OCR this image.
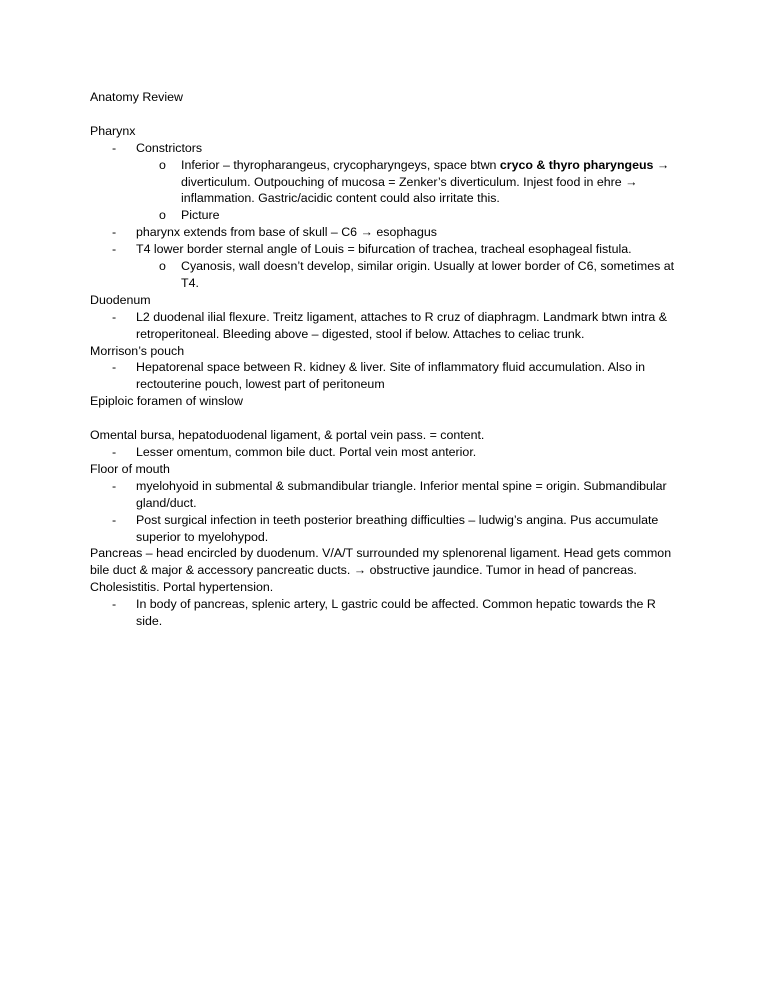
Anatomy Review
Pharynx
- Constrictors
o Inferior – thyropharangeus, crycopharyngeys, space btwn cryco & thyro pharyngeus → diverticulum. Outpouching of mucosa = Zenker’s diverticulum. Injest food in ehre → inflammation. Gastric/acidic content could also irritate this.
o Picture
- pharynx extends from base of skull – C6 → esophagus
- T4 lower border sternal angle of Louis = bifurcation of trachea, tracheal esophageal fistula.
o Cyanosis, wall doesn’t develop, similar origin. Usually at lower border of C6, sometimes at T4.
Duodenum
- L2 duodenal ilial flexure. Treitz ligament, attaches to R cruz of diaphragm. Landmark btwn intra & retroperitoneal. Bleeding above – digested, stool if below. Attaches to celiac trunk.
Morrison’s pouch
- Hepatorenal space between R. kidney & liver. Site of inflammatory fluid accumulation. Also in rectouterine pouch, lowest part of peritoneum
Epiploic foramen of winslow
Omental bursa, hepatoduodenal ligament, & portal vein pass. = content.
- Lesser omentum, common bile duct. Portal vein most anterior.
Floor of mouth
- myelohyoid in submental & submandibular triangle. Inferior mental spine = origin. Submandibular gland/duct.
- Post surgical infection in teeth posterior breathing difficulties – ludwig’s angina. Pus accumulate superior to myelohypod.
Pancreas – head encircled by duodenum. V/A/T surrounded my splenorenal ligament. Head gets common bile duct & major & accessory pancreatic ducts. → obstructive jaundice. Tumor in head of pancreas. Cholesistitis. Portal hypertension.
- In body of pancreas, splenic artery, L gastric could be affected. Common hepatic towards the R side.
